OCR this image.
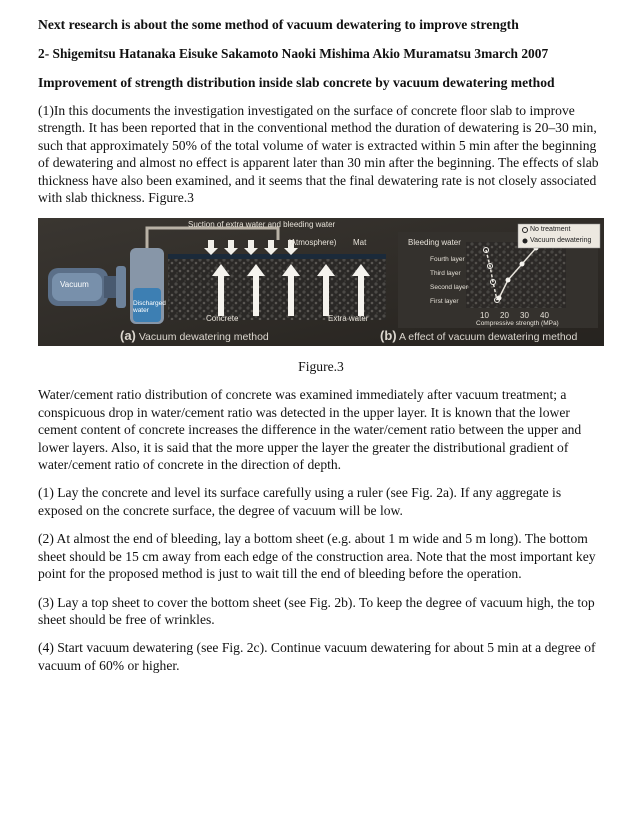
Next research is about the some method of vacuum dewatering to improve strength

2- Shigemitsu Hatanaka Eisuke Sakamoto Naoki Mishima Akio Muramatsu 3march 2007

Improvement of strength distribution inside slab concrete by vacuum dewatering method

(1)In this documents the investigation investigated on the surface of concrete floor slab to improve strength. It has been reported that in the conventional method the duration of dewatering is 20–30 min, such that approximately 50% of the total volume of water is extracted within 5 min after the beginning of dewatering and almost no effect is apparent later than 30 min after the beginning. The effects of slab thickness have also been examined, and it seems that the final dewatering rate is not closely associated with slab thickness. Figure.3

Suction of extra water and bleeding water
(Atmosphere) Mat	Bleeding water
Vacuum
Discharged water
Concrete	Extra water
No treatment
Vacuum dewatering
Fourth layer
Third layer
Second layer
First layer
10 20 30 40
Compressive strength (MPa)
(a) Vacuum dewatering method	(b) A effect of vacuum dewatering method

Figure.3

Water/cement ratio distribution of concrete was examined immediately after vacuum treatment; a conspicuous drop in water/cement ratio was detected in the upper layer. It is known that the lower cement content of concrete increases the difference in the water/cement ratio between the upper and lower layers. Also, it is said that the more upper the layer the greater the distributional gradient of water/cement ratio of concrete in the direction of depth.

(1) Lay the concrete and level its surface carefully using a ruler (see Fig. 2a). If any aggregate is exposed on the concrete surface, the degree of vacuum will be low.

(2) At almost the end of bleeding, lay a bottom sheet (e.g. about 1 m wide and 5 m long). The bottom sheet should be 15 cm away from each edge of the construction area. Note that the most important key point for the proposed method is just to wait till the end of bleeding before the operation.

(3) Lay a top sheet to cover the bottom sheet (see Fig. 2b). To keep the degree of vacuum high, the top sheet should be free of wrinkles.

(4) Start vacuum dewatering (see Fig. 2c). Continue vacuum dewatering for about 5 min at a degree of vacuum of 60% or higher.
